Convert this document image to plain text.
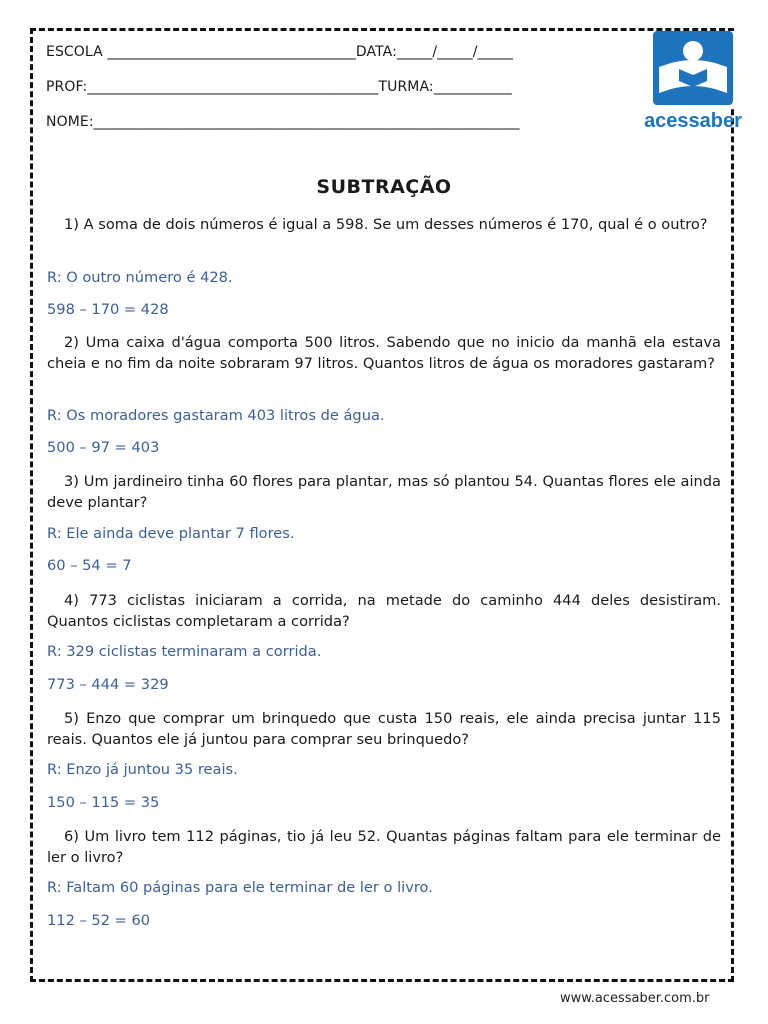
ESCOLA ___________________________________DATA:_____/_____/_____
PROF:_________________________________________TURMA:___________
NOME:____________________________________________________________	acessaber
SUBTRAÇÃO
1) A soma de dois números é igual a 598. Se um desses números é 170, qual é o outro?
R: O outro número é 428.
598 – 170 = 428
2) Uma caixa d'água comporta 500 litros. Sabendo que no inicio da manhã ela estava cheia e no fim da noite sobraram 97 litros. Quantos litros de água os moradores gastaram?
R: Os moradores gastaram 403 litros de água.
500 – 97 = 403
3) Um jardineiro tinha 60 flores para plantar, mas só plantou 54. Quantas flores ele ainda deve plantar?
R: Ele ainda deve plantar 7 flores.
60 – 54 = 7
4) 773 ciclistas iniciaram a corrida, na metade do caminho 444 deles desistiram. Quantos ciclistas completaram a corrida?
R: 329 ciclistas terminaram a corrida.
773 – 444 = 329
5) Enzo que comprar um brinquedo que custa 150 reais, ele ainda precisa juntar 115 reais. Quantos ele já juntou para comprar seu brinquedo?
R: Enzo já juntou 35 reais.
150 – 115 = 35
6) Um livro tem 112 páginas, tio já leu 52. Quantas páginas faltam para ele terminar de ler o livro?
R: Faltam 60 páginas para ele terminar de ler o livro.
112 – 52 = 60
www.acessaber.com.br
